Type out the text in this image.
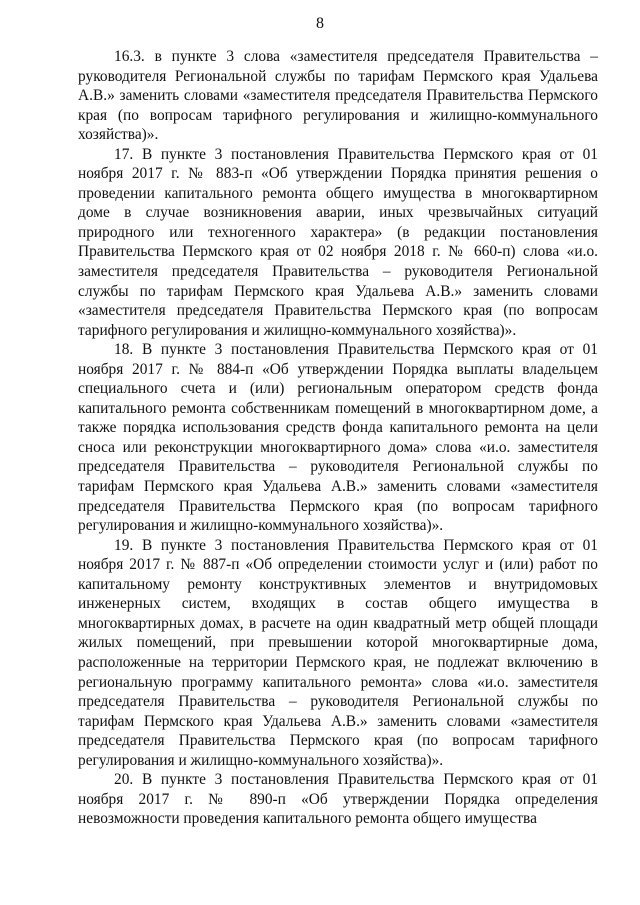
8

16.3. в пункте 3 слова «заместителя председателя Правительства – руководителя Региональной службы по тарифам Пермского края Удальева А.В.» заменить словами «заместителя председателя Правительства Пермского края (по вопросам тарифного регулирования и жилищно-коммунального хозяйства)».

17. В пункте 3 постановления Правительства Пермского края от 01 ноября 2017 г. № 883-п «Об утверждении Порядка принятия решения о проведении капитального ремонта общего имущества в многоквартирном доме в случае возникновения аварии, иных чрезвычайных ситуаций природного или техногенного характера» (в редакции постановления Правительства Пермского края от 02 ноября 2018 г. № 660-п) слова «и.о. заместителя председателя Правительства – руководителя Региональной службы по тарифам Пермского края Удальева А.В.» заменить словами «заместителя председателя Правительства Пермского края (по вопросам тарифного регулирования и жилищно-коммунального хозяйства)».

18. В пункте 3 постановления Правительства Пермского края от 01 ноября 2017 г. № 884-п «Об утверждении Порядка выплаты владельцем специального счета и (или) региональным оператором средств фонда капитального ремонта собственникам помещений в многоквартирном доме, а также порядка использования средств фонда капитального ремонта на цели сноса или реконструкции многоквартирного дома» слова «и.о. заместителя председателя Правительства – руководителя Региональной службы по тарифам Пермского края Удальева А.В.» заменить словами «заместителя председателя Правительства Пермского края (по вопросам тарифного регулирования и жилищно-коммунального хозяйства)».

19. В пункте 3 постановления Правительства Пермского края от 01 ноября 2017 г. № 887-п «Об определении стоимости услуг и (или) работ по капитальному ремонту конструктивных элементов и внутридомовых инженерных систем, входящих в состав общего имущества в многоквартирных домах, в расчете на один квадратный метр общей площади жилых помещений, при превышении которой многоквартирные дома, расположенные на территории Пермского края, не подлежат включению в региональную программу капитального ремонта» слова «и.о. заместителя председателя Правительства – руководителя Региональной службы по тарифам Пермского края Удальева А.В.» заменить словами «заместителя председателя Правительства Пермского края (по вопросам тарифного регулирования и жилищно-коммунального хозяйства)».

20. В пункте 3 постановления Правительства Пермского края от 01 ноября 2017 г. № 890-п «Об утверждении Порядка определения невозможности проведения капитального ремонта общего имущества
